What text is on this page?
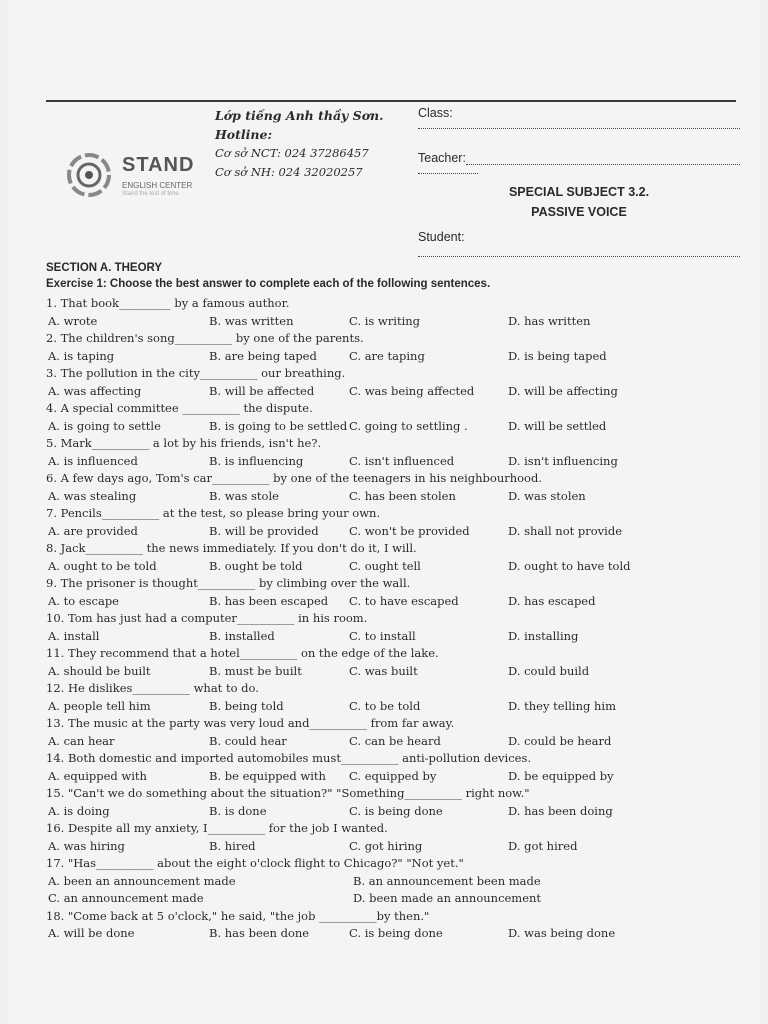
STAND
ENGLISH CENTER
Stand the test of time
Lớp tiếng Anh thầy Sơn.
Hotline:
Cơ sở NCT: 024 37286457
Cơ sở NH: 024 32020257
Class:
Teacher:
SPECIAL SUBJECT 3.2.
PASSIVE VOICE
Student:
SECTION A. THEORY
Exercise 1: Choose the best answer to complete each of the following sentences.
1. That book_________ by a famous author.
A. wrote	B. was written	C. is writing	D. has written
2. The children's song__________ by one of the parents.
A. is taping	B. are being taped	C. are taping	D. is being taped
3. The pollution in the city__________ our breathing.
A. was affecting	B. will be affected	C. was being affected	D. will be affecting
4. A special committee __________ the dispute.
A. is going to settle	B. is going to be settled C. going to settling .	D. will be settled
5. Mark__________ a lot by his friends, isn't he?.
A. is influenced	B. is influencing	C. isn't influenced	D. isn't influencing
6. A few days ago, Tom's car__________ by one of the teenagers in his neighbourhood.
A. was stealing	B. was stole	C. has been stolen	D. was stolen
7. Pencils__________ at the test, so please bring your own.
A. are provided	B. will be provided	C. won't be provided	D. shall not provide
8. Jack__________ the news immediately. If you don't do it, I will.
A. ought to be told	B. ought be told	C. ought tell	D. ought to have told
9. The prisoner is thought__________ by climbing over the wall.
A. to escape	B. has been escaped C. to have escaped	D. has escaped
10. Tom has just had a computer__________ in his room.
A. install	B. installed	C. to install	D. installing
11. They recommend that a hotel__________ on the edge of the lake.
A. should be built	B. must be built	C. was built	D. could build
12. He dislikes__________ what to do.
A. people tell him	B. being told	C. to be told	D. they telling him
13. The music at the party was very loud and__________ from far away.
A. can hear	B. could hear	C. can be heard	D. could be heard
14. Both domestic and imported automobiles must__________ anti-pollution devices.
A. equipped with	B. be equipped with C. equipped by	D. be equipped by
15. "Can't we do something about the situation?" "Something__________ right now."
A. is doing	B. is done	C. is being done	D. has been doing
16. Despite all my anxiety, I__________ for the job I wanted.
A. was hiring	B. hired	C. got hiring	D. got hired
17. "Has__________ about the eight o'clock flight to Chicago?" "Not yet."
A. been an announcement made	B. an announcement been made
C. an announcement made	D. been made an announcement
18. "Come back at 5 o'clock," he said, "the job __________by then."
A. will be done	B. has been done	C. is being done	D. was being done
